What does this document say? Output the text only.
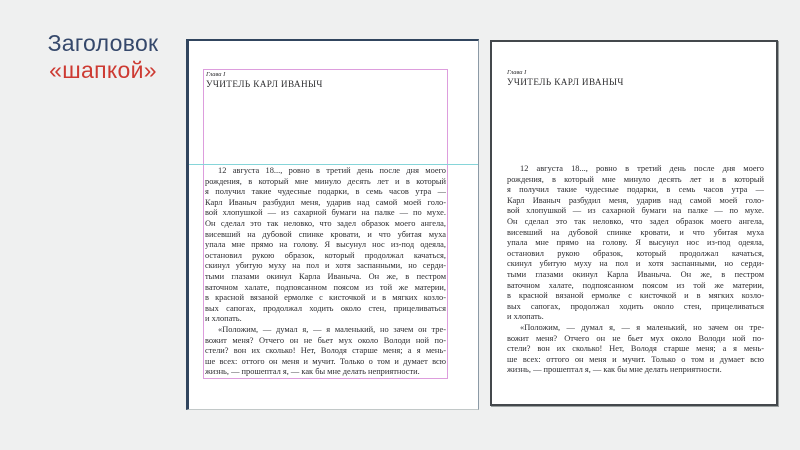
Заголовок
«шапкой»	Глава I
УЧИТЕЛЬ КАРЛ ИВАНЫЧ
12 августа 18..., ровно в третий день после дня моего
рождения, в который мне минуло десять лет и в который
я получил такие чудесные подарки, в семь часов утра —
Карл Иваныч разбудил меня, ударив над самой моей голо-
вой хлопушкой — из сахарной бумаги на палке — по мухе.
Он сделал это так неловко, что задел образок моего ангела,
висевший на дубовой спинке кровати, и что убитая муха
упала мне прямо на голову. Я высунул нос из-под одеяла,
остановил рукою образок, который продолжал качаться,
скинул убитую муху на пол и хотя заспанными, но серди-
тыми глазами окинул Карла Иваныча. Он же, в пестром
ваточном халате, подпоясанном поясом из той же материи,
в красной вязаной ермолке с кисточкой и в мягких козло-
вых сапогах, продолжал ходить около стен, прицеливаться
и хлопать.
«Положим, — думал я, — я маленький, но зачем он тре-
вожит меня? Отчего он не бьет мух около Володи ной по-
стели? вон их сколько! Нет, Володя старше меня; а я мень-
ше всех: оттого он меня и мучит. Только о том и думает всю
жизнь, — прошептал я, — как бы мне делать неприятности.
Глава I
УЧИТЕЛЬ КАРЛ ИВАНЫЧ
12 августа 18..., ровно в третий день после дня моего
рождения, в который мне минуло десять лет и в который
я получил такие чудесные подарки, в семь часов утра —
Карл Иваныч разбудил меня, ударив над самой моей голо-
вой хлопушкой — из сахарной бумаги на палке — по мухе.
Он сделал это так неловко, что задел образок моего ангела,
висевший на дубовой спинке кровати, и что убитая муха
упала мне прямо на голову. Я высунул нос из-под одеяла,
остановил рукою образок, который продолжал качаться,
скинул убитую муху на пол и хотя заспанными, но серди-
тыми глазами окинул Карла Иваныча. Он же, в пестром
ваточном халате, подпоясанном поясом из той же материи,
в красной вязаной ермолке с кисточкой и в мягких козло-
вых сапогах, продолжал ходить около стен, прицеливаться
и хлопать.
«Положим, — думал я, — я маленький, но зачем он тре-
вожит меня? Отчего он не бьет мух около Володи ной по-
стели? вон их сколько! Нет, Володя старше меня; а я мень-
ше всех: оттого он меня и мучит. Только о том и думает всю
жизнь, — прошептал я, — как бы мне делать неприятности.
